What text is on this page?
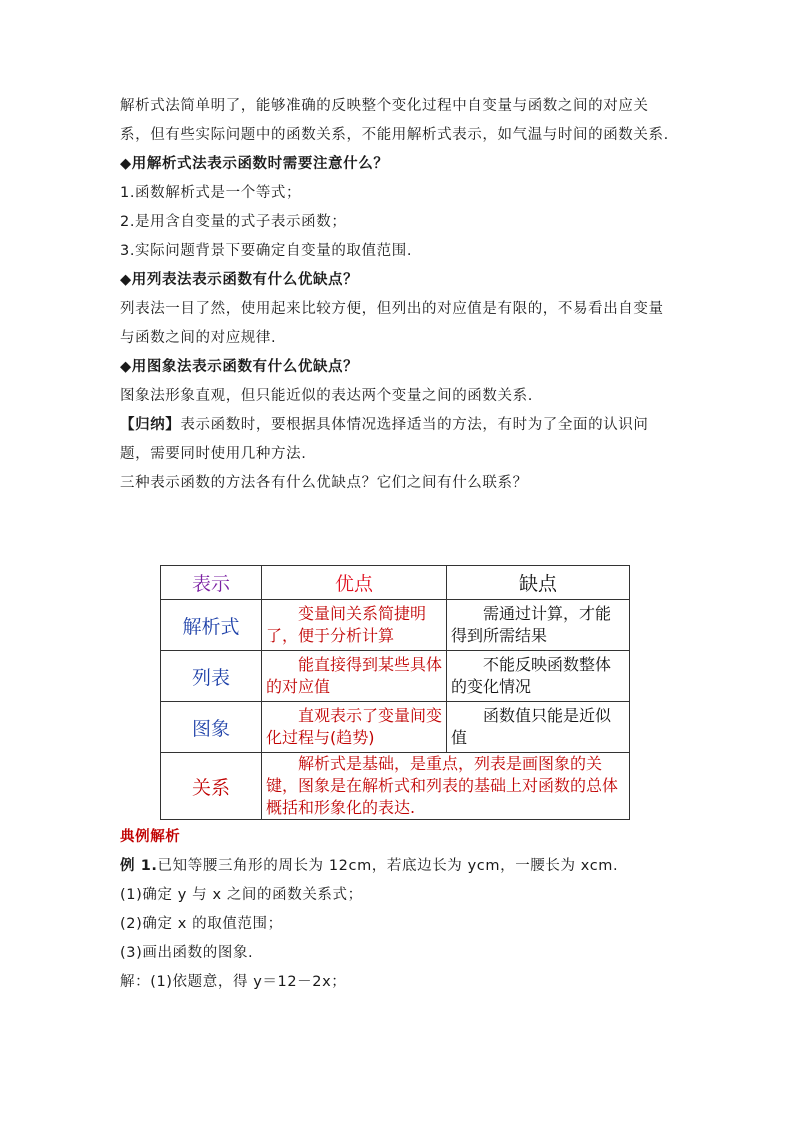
解析式法简单明了，能够准确的反映整个变化过程中自变量与函数之间的对应关系，但有些实际问题中的函数关系，不能用解析式表示，如气温与时间的函数关系.

◆用解析式法表示函数时需要注意什么？

1.函数解析式是一个等式；

2.是用含自变量的式子表示函数；

3.实际问题背景下要确定自变量的取值范围.

◆用列表法表示函数有什么优缺点？

列表法一目了然，使用起来比较方便，但列出的对应值是有限的，不易看出自变量与函数之间的对应规律.

◆用图象法表示函数有什么优缺点？

图象法形象直观，但只能近似的表达两个变量之间的函数关系.

【归纳】表示函数时，要根据具体情况选择适当的方法，有时为了全面的认识问题，需要同时使用几种方法.

三种表示函数的方法各有什么优缺点？它们之间有什么联系？

表示	优点	缺点
解析式	变量间关系简捷明了，便于分析计算	需通过计算，才能得到所需结果
列表	能直接得到某些具体的对应值	不能反映函数整体的变化情况
图象	直观表示了变量间变化过程与(趋势)	函数值只能是近似值
关系	解析式是基础，是重点，列表是画图象的关键，图象是在解析式和列表的基础上对函数的总体概括和形象化的表达.	

典例解析

例 1.已知等腰三角形的周长为 12cm，若底边长为 ycm，一腰长为 xcm.

(1)确定 y 与 x 之间的函数关系式；

(2)确定 x 的取值范围；

(3)画出函数的图象.

解：(1)依题意，得 y＝12－2x；
